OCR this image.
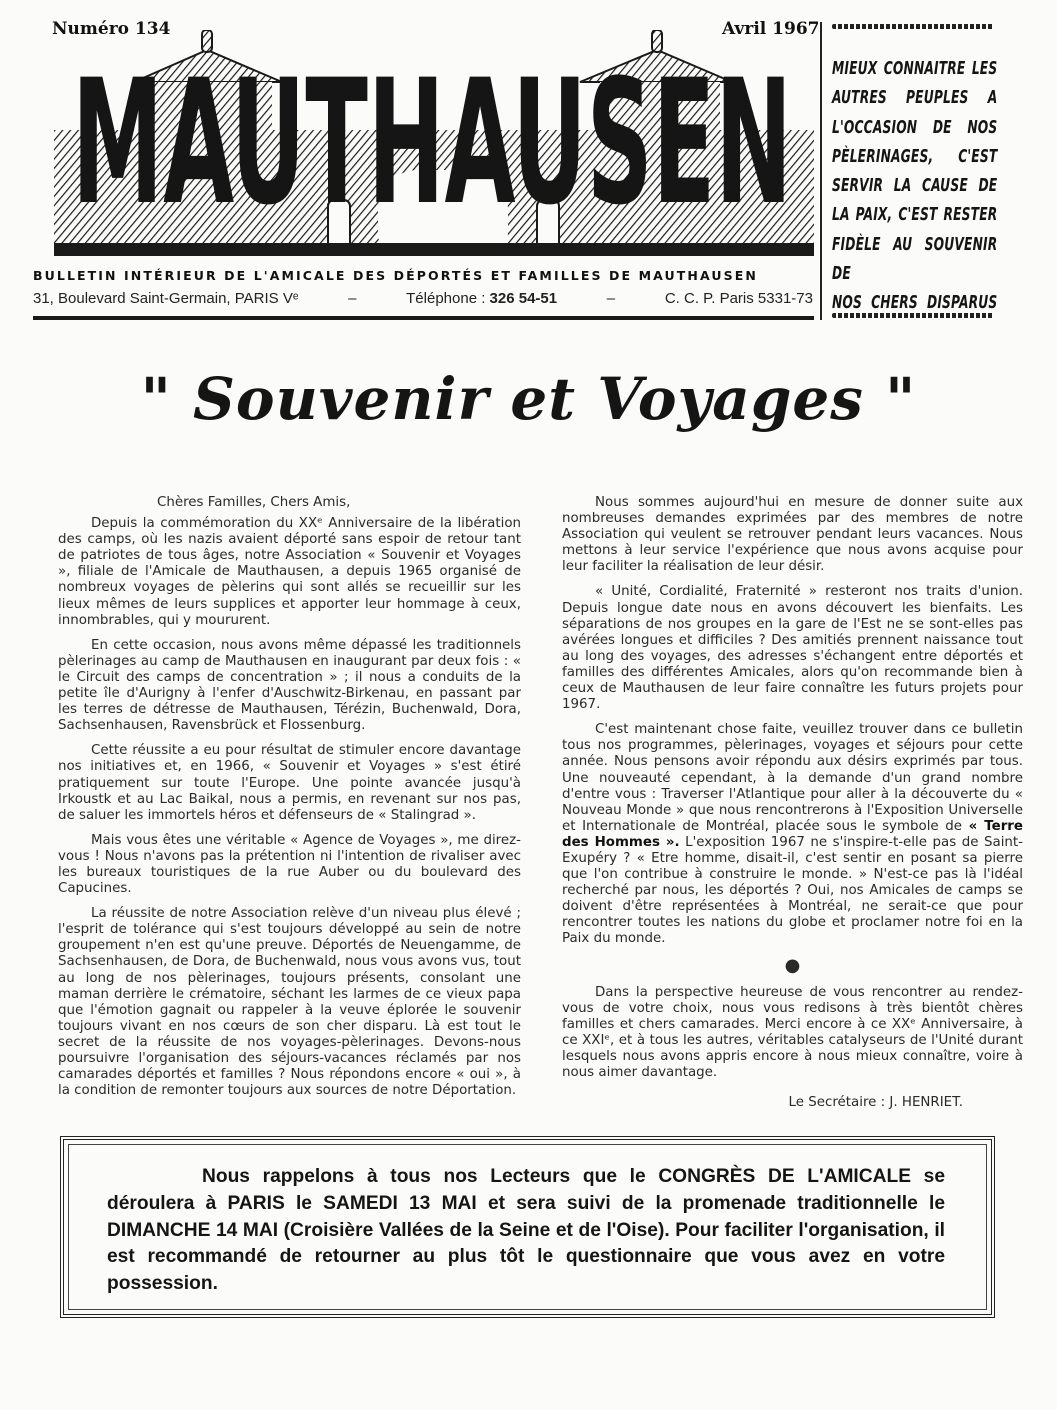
Numéro 134	Avril 1967
MAUTHAUSEN
BULLETIN INTÉRIEUR DE L'AMICALE DES DÉPORTÉS ET FAMILLES DE MAUTHAUSEN
31, Boulevard Saint-Germain, PARIS Vᵉ	–	Téléphone : 326 54-51	–	C. C. P. Paris 5331-73
MIEUX CONNAITRE LES
AUTRES PEUPLES A
L'OCCASION DE NOS
PÈLERINAGES, C'EST
SERVIR LA CAUSE DE
LA PAIX, C'EST RESTER
FIDÈLE AU SOUVENIR DE
NOS CHERS DISPARUS
" Souvenir et Voyages "

Chères Familles, Chers Amis,

Depuis la commémoration du XXᵉ Anniversaire de la libération des camps, où les nazis avaient déporté sans espoir de retour tant de patriotes de tous âges, notre Association « Souvenir et Voyages », filiale de l'Amicale de Mauthausen, a depuis 1965 organisé de nombreux voyages de pèlerins qui sont allés se recueillir sur les lieux mêmes de leurs supplices et apporter leur hommage à ceux, innombrables, qui y moururent.

En cette occasion, nous avons même dépassé les traditionnels pèlerinages au camp de Mauthausen en inaugurant par deux fois : « le Circuit des camps de concentration » ; il nous a conduits de la petite île d'Aurigny à l'enfer d'Auschwitz-Birkenau, en passant par les terres de détresse de Mauthausen, Térézin, Buchenwald, Dora, Sachsenhausen, Ravensbrück et Flossenburg.

Cette réussite a eu pour résultat de stimuler encore davantage nos initiatives et, en 1966, « Souvenir et Voyages » s'est étiré pratiquement sur toute l'Europe. Une pointe avancée jusqu'à Irkoustk et au Lac Baikal, nous a permis, en revenant sur nos pas, de saluer les immortels héros et défenseurs de « Stalingrad ».

Mais vous êtes une véritable « Agence de Voyages », me direz-vous ! Nous n'avons pas la prétention ni l'intention de rivaliser avec les bureaux touristiques de la rue Auber ou du boulevard des Capucines.

La réussite de notre Association relève d'un niveau plus élevé ; l'esprit de tolérance qui s'est toujours développé au sein de notre groupement n'en est qu'une preuve. Déportés de Neuengamme, de Sachsenhausen, de Dora, de Buchenwald, nous vous avons vus, tout au long de nos pèlerinages, toujours présents, consolant une maman derrière le crématoire, séchant les larmes de ce vieux papa que l'émotion gagnait ou rappeler à la veuve éplorée le souvenir toujours vivant en nos cœurs de son cher disparu. Là est tout le secret de la réussite de nos voyages-pèlerinages. Devons-nous poursuivre l'organisation des séjours-vacances réclamés par nos camarades déportés et familles ? Nous répondons encore « oui », à la condition de remonter toujours aux sources de notre Déportation.

Nous sommes aujourd'hui en mesure de donner suite aux nombreuses demandes exprimées par des membres de notre Association qui veulent se retrouver pendant leurs vacances. Nous mettons à leur service l'expérience que nous avons acquise pour leur faciliter la réalisation de leur désir.

« Unité, Cordialité, Fraternité » resteront nos traits d'union. Depuis longue date nous en avons découvert les bienfaits. Les séparations de nos groupes en la gare de l'Est ne se sont-elles pas avérées longues et difficiles ? Des amitiés prennent naissance tout au long des voyages, des adresses s'échangent entre déportés et familles des différentes Amicales, alors qu'on recommande bien à ceux de Mauthausen de leur faire connaître les futurs projets pour 1967.

C'est maintenant chose faite, veuillez trouver dans ce bulletin tous nos programmes, pèlerinages, voyages et séjours pour cette année. Nous pensons avoir répondu aux désirs exprimés par tous. Une nouveauté cependant, à la demande d'un grand nombre d'entre vous : Traverser l'Atlantique pour aller à la découverte du « Nouveau Monde » que nous rencontrerons à l'Exposition Universelle et Internationale de Montréal, placée sous le symbole de « Terre des Hommes ». L'exposition 1967 ne s'inspire-t-elle pas de Saint-Exupéry ? « Etre homme, disait-il, c'est sentir en posant sa pierre que l'on contribue à construire le monde. » N'est-ce pas là l'idéal recherché par nous, les déportés ? Oui, nos Amicales de camps se doivent d'être représentées à Montréal, ne serait-ce que pour rencontrer toutes les nations du globe et proclamer notre foi en la Paix du monde.

●

Dans la perspective heureuse de vous rencontrer au rendez-vous de votre choix, nous vous redisons à très bientôt chères familles et chers camarades. Merci encore à ce XXᵉ Anniversaire, à ce XXIᵉ, et à tous les autres, véritables catalyseurs de l'Unité durant lesquels nous avons appris encore à nous mieux connaître, voire à nous aimer davantage.

Le Secrétaire : J. HENRIET.

Nous rappelons à tous nos Lecteurs que le CONGRÈS DE L'AMICALE se déroulera à PARIS le SAMEDI 13 MAI et sera suivi de la promenade traditionnelle le DIMANCHE 14 MAI (Croisière Vallées de la Seine et de l'Oise). Pour faciliter l'organisation, il est recommandé de retourner au plus tôt le questionnaire que vous avez en votre possession.
